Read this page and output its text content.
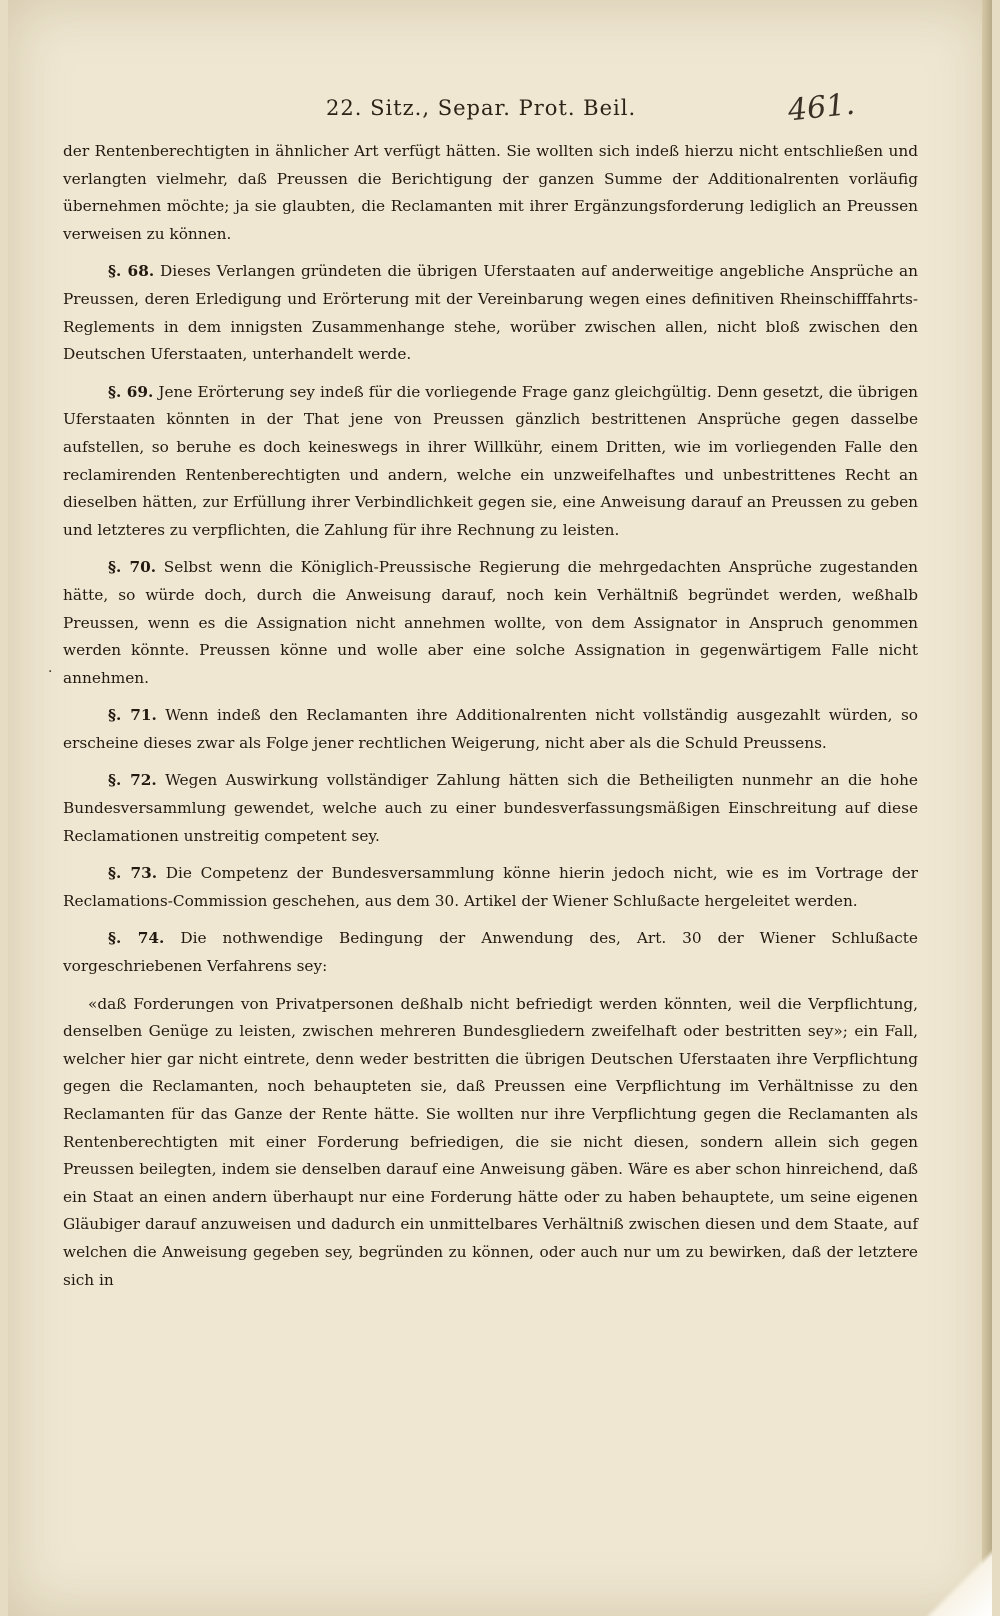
22. Sitz., Separ. Prot. Beil.	461.

der Rentenberechtigten in ähnlicher Art verfügt hätten. Sie wollten sich indeß hierzu nicht entschließen und verlangten vielmehr, daß Preussen die Berichtigung der ganzen Summe der Additionalrenten vorläufig übernehmen möchte; ja sie glaubten, die Reclamanten mit ihrer Ergänzungsforderung lediglich an Preussen verweisen zu können.

§. 68. Dieses Verlangen gründeten die übrigen Uferstaaten auf anderweitige angebliche Ansprüche an Preussen, deren Erledigung und Erörterung mit der Vereinbarung wegen eines definitiven Rheinschifffahrts-Reglements in dem innigsten Zusammenhange stehe, worüber zwischen allen, nicht bloß zwischen den Deutschen Uferstaaten, unterhandelt werde.

§. 69. Jene Erörterung sey indeß für die vorliegende Frage ganz gleichgültig. Denn gesetzt, die übrigen Uferstaaten könnten in der That jene von Preussen gänzlich bestrittenen Ansprüche gegen dasselbe aufstellen, so beruhe es doch keineswegs in ihrer Willkühr, einem Dritten, wie im vorliegenden Falle den reclamirenden Rentenberechtigten und andern, welche ein unzweifelhaftes und unbestrittenes Recht an dieselben hätten, zur Erfüllung ihrer Verbindlichkeit gegen sie, eine Anweisung darauf an Preussen zu geben und letzteres zu verpflichten, die Zahlung für ihre Rechnung zu leisten.

§. 70. Selbst wenn die Königlich-Preussische Regierung die mehrgedachten Ansprüche zugestanden hätte, so würde doch, durch die Anweisung darauf, noch kein Verhältniß begründet werden, weßhalb Preussen, wenn es die Assignation nicht annehmen wollte, von dem Assignator in Anspruch genommen werden könnte. Preussen könne und wolle aber eine solche Assignation in gegenwärtigem Falle nicht annehmen.

§. 71. Wenn indeß den Reclamanten ihre Additionalrenten nicht vollständig ausgezahlt würden, so erscheine dieses zwar als Folge jener rechtlichen Weigerung, nicht aber als die Schuld Preussens.

§. 72. Wegen Auswirkung vollständiger Zahlung hätten sich die Betheiligten nunmehr an die hohe Bundesversammlung gewendet, welche auch zu einer bundesverfassungsmäßigen Einschreitung auf diese Reclamationen unstreitig competent sey.

§. 73. Die Competenz der Bundesversammlung könne hierin jedoch nicht, wie es im Vortrage der Reclamations-Commission geschehen, aus dem 30. Artikel der Wiener Schlußacte hergeleitet werden.

§. 74. Die nothwendige Bedingung der Anwendung des, Art. 30 der Wiener Schlußacte vorgeschriebenen Verfahrens sey:

«daß Forderungen von Privatpersonen deßhalb nicht befriedigt werden könnten, weil die Verpflichtung, denselben Genüge zu leisten, zwischen mehreren Bundesgliedern zweifelhaft oder bestritten sey»; ein Fall, welcher hier gar nicht eintrete, denn weder bestritten die übrigen Deutschen Uferstaaten ihre Verpflichtung gegen die Reclamanten, noch behaupteten sie, daß Preussen eine Verpflichtung im Verhältnisse zu den Reclamanten für das Ganze der Rente hätte. Sie wollten nur ihre Verpflichtung gegen die Reclamanten als Rentenberechtigten mit einer Forderung befriedigen, die sie nicht diesen, sondern allein sich gegen Preussen beilegten, indem sie denselben darauf eine Anweisung gäben. Wäre es aber schon hinreichend, daß ein Staat an einen andern überhaupt nur eine Forderung hätte oder zu haben behauptete, um seine eigenen Gläubiger darauf anzuweisen und dadurch ein unmittelbares Verhältniß zwischen diesen und dem Staate, auf welchen die Anweisung gegeben sey, begründen zu können, oder auch nur um zu bewirken, daß der letztere sich in

·
